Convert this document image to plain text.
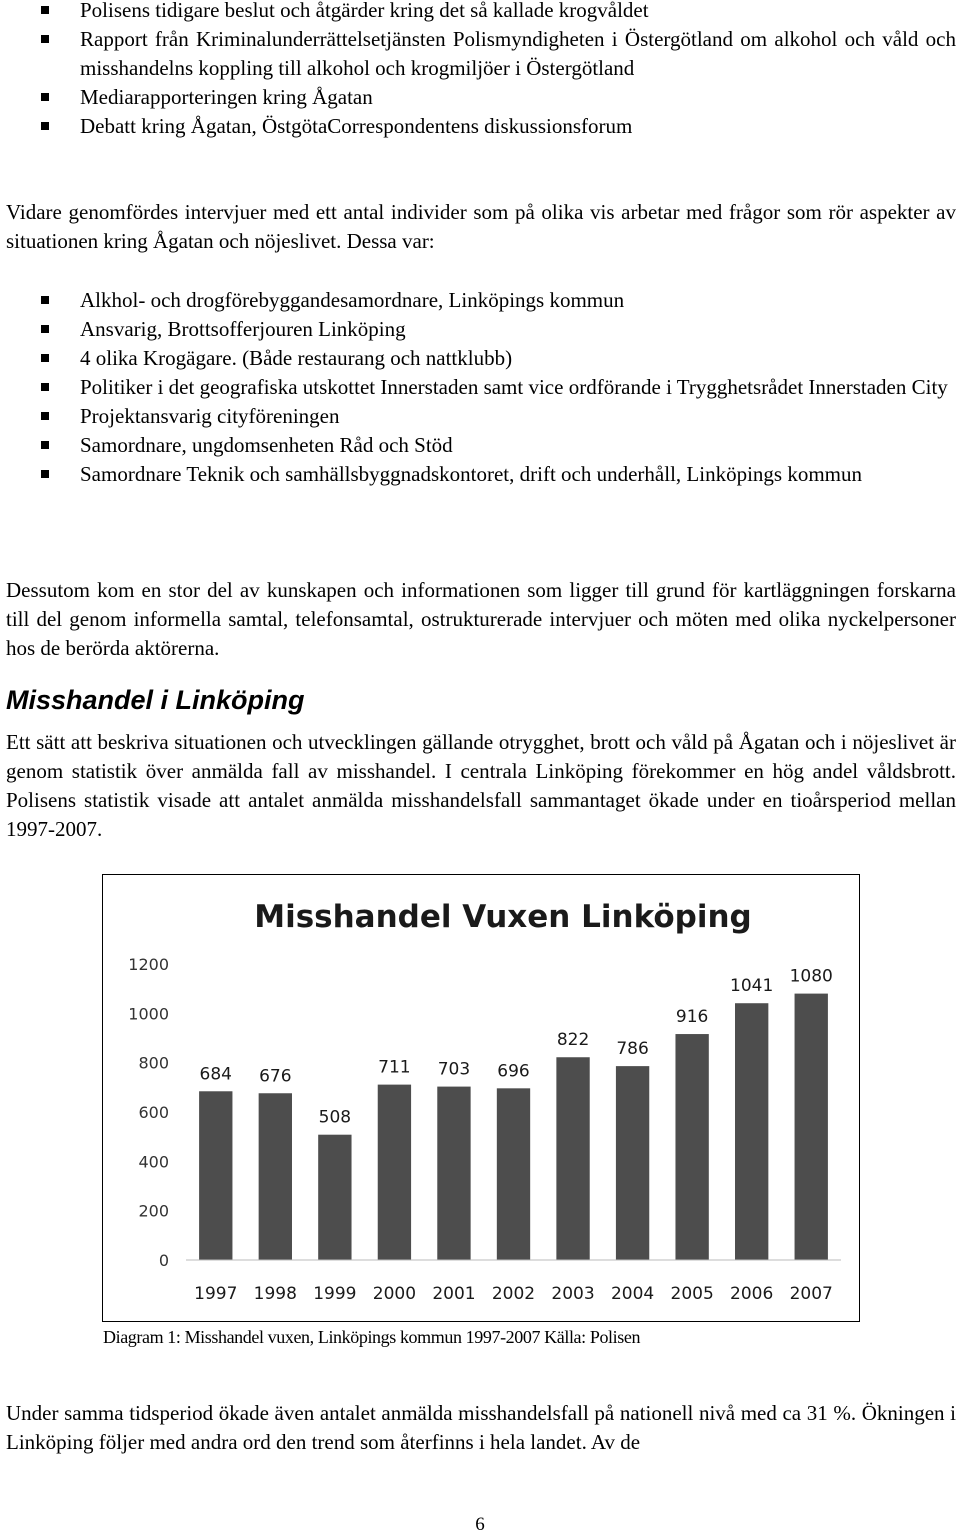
Polisens tidigare beslut och åtgärder kring det så kallade krogvåldet
Rapport från Kriminalunderrättelsetjänsten Polismyndigheten i Östergötland om alkohol och våld och misshandelns koppling till alkohol och krogmiljöer i Östergötland
Mediarapporteringen kring Ågatan
Debatt kring Ågatan, ÖstgötaCorrespondentens diskussionsforum

Vidare genomfördes intervjuer med ett antal individer som på olika vis arbetar med frågor som rör aspekter av situationen kring Ågatan och nöjeslivet. Dessa var:

Alkhol- och drogförebyggandesamordnare, Linköpings kommun
Ansvarig, Brottsofferjouren Linköping
4 olika Krogägare. (Både restaurang och nattklubb)
Politiker i det geografiska utskottet Innerstaden samt vice ordförande i Trygghetsrådet Innerstaden City
Projektansvarig cityföreningen
Samordnare, ungdomsenheten Råd och Stöd
Samordnare Teknik och samhällsbyggnadskontoret, drift och underhåll, Linköpings kommun

Dessutom kom en stor del av kunskapen och informationen som ligger till grund för kartläggningen forskarna till del genom informella samtal, telefonsamtal, ostrukturerade intervjuer och möten med olika nyckelpersoner hos de berörda aktörerna.

Misshandel i Linköping

Ett sätt att beskriva situationen och utvecklingen gällande otrygghet, brott och våld på Ågatan och i nöjeslivet är genom statistik över anmälda fall av misshandel. I centrala Linköping förekommer en hög andel våldsbrott. Polisens statistik visade att antalet anmälda misshandelsfall sammantaget ökade under en tioårsperiod mellan 1997-2007.

Misshandel Vuxen Linköping
0
200
400
600
800
1000
1200
684 676
508
711 703 696
822 786
916
1041 1080
1997 1998 1999 2000 2001 2002 2003 2004 2005 2006 2007

Diagram 1: Misshandel vuxen, Linköpings kommun 1997-2007 Källa: Polisen

Under samma tidsperiod ökade även antalet anmälda misshandelsfall på nationell nivå med ca 31 %. Ökningen i Linköping följer med andra ord den trend som återfinns i hela landet. Av de

6
